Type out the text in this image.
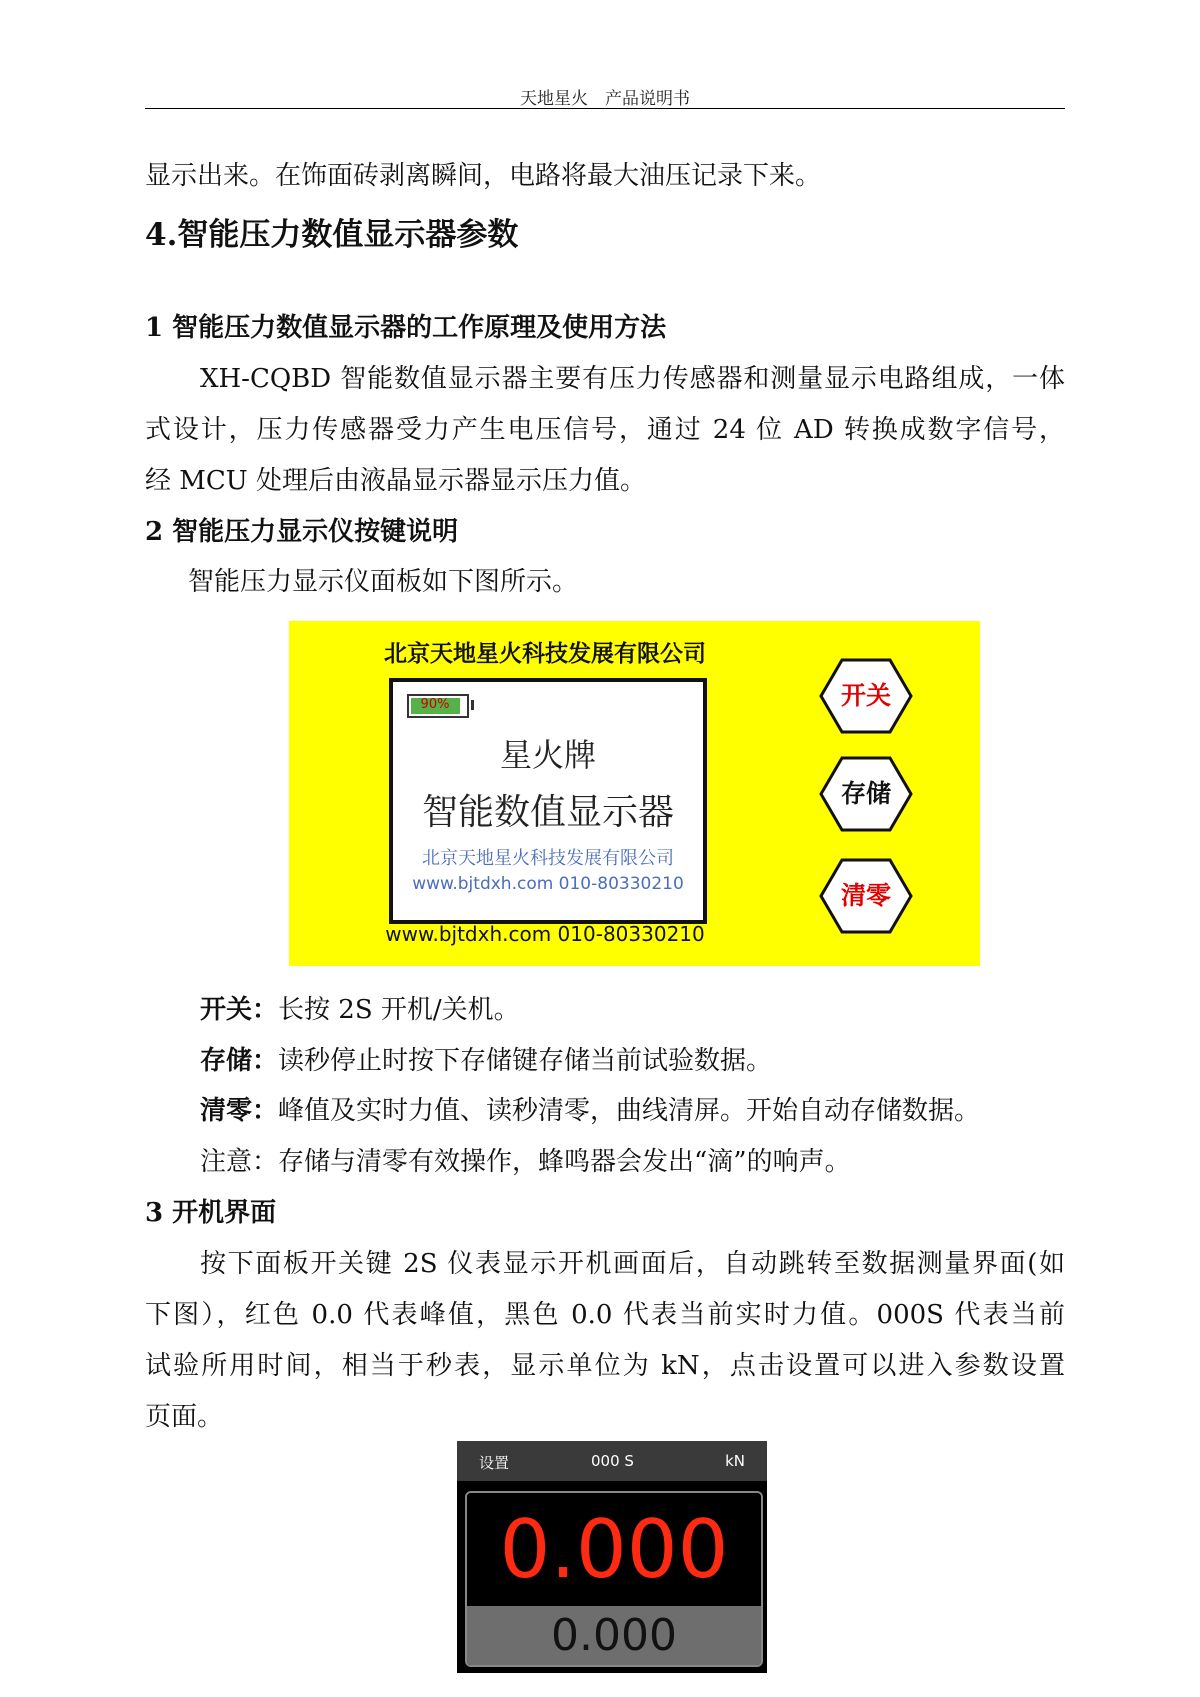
天地星火　产品说明书
显示出来。在饰面砖剥离瞬间，电路将最大油压记录下来。
4.智能压力数值显示器参数
1 智能压力数值显示器的工作原理及使用方法
XH-CQBD 智能数值显示器主要有压力传感器和测量显示电路组成，一体
式设计，压力传感器受力产生电压信号，通过 24 位 AD 转换成数字信号，
经 MCU 处理后由液晶显示器显示压力值。
2 智能压力显示仪按键说明
智能压力显示仪面板如下图所示。
北京天地星火科技发展有限公司
90%
星火牌
智能数值显示器
北京天地星火科技发展有限公司
www.bjtdxh.com 010-80330210
www.bjtdxh.com 010-80330210
开关
存储
清零
开关：长按 2S 开机/关机。
存储：读秒停止时按下存储键存储当前试验数据。
清零：峰值及实时力值、读秒清零，曲线清屏。开始自动存储数据。
注意：存储与清零有效操作，蜂鸣器会发出“滴”的响声。
3 开机界面
按下面板开关键 2S 仪表显示开机画面后，自动跳转至数据测量界面(如
下图），红色 0.0 代表峰值，黑色 0.0 代表当前实时力值。000S 代表当前
试验所用时间，相当于秒表，显示单位为 kN，点击设置可以进入参数设置
页面。
设置	000 S	kN
0.000
0.000
